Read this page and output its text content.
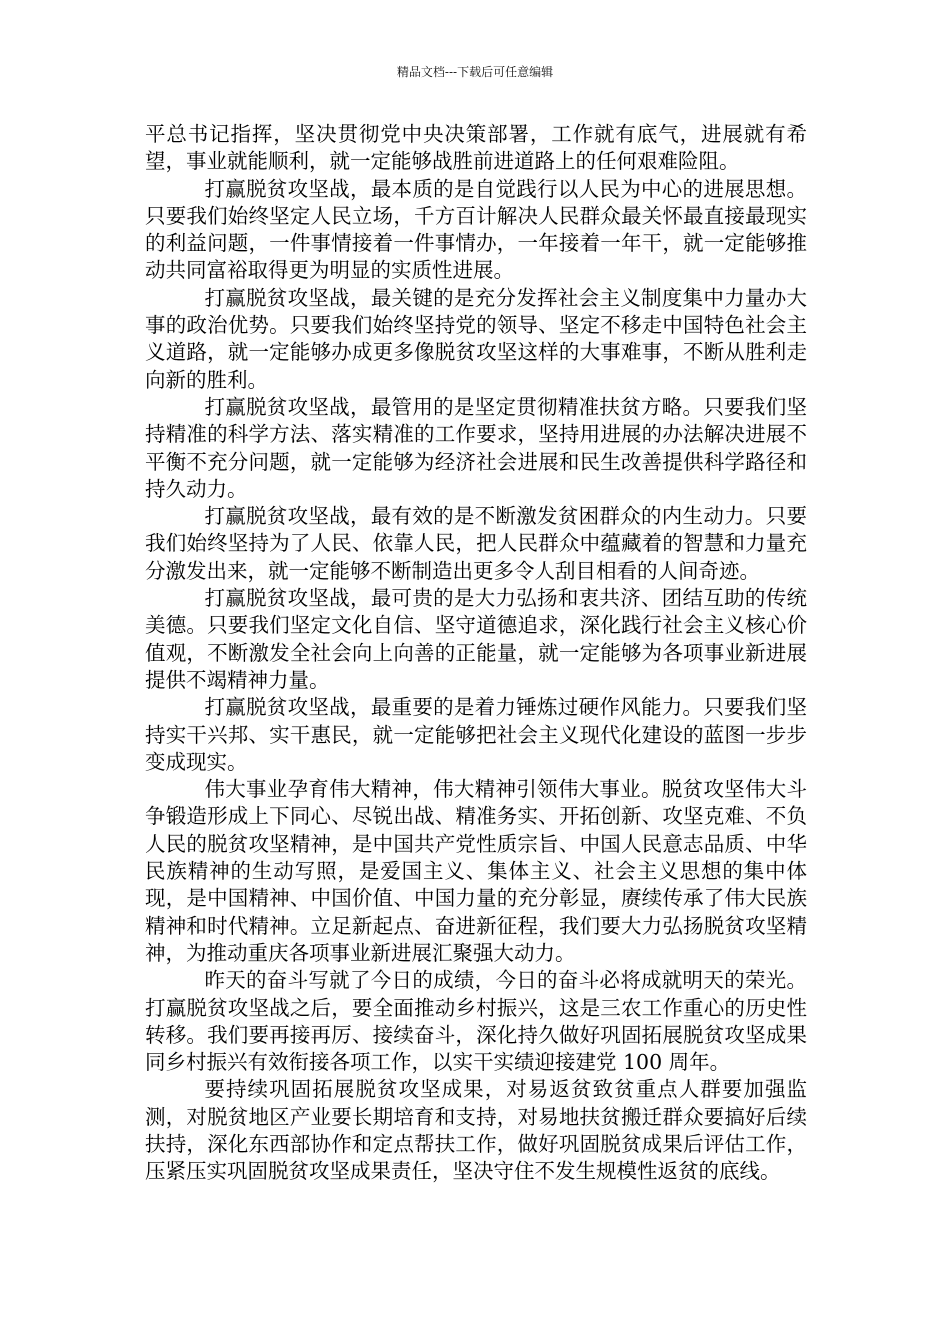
精品文档---下载后可任意编辑

平总书记指挥，坚决贯彻党中央决策部署，工作就有底气，进展就有希望，事业就能顺利，就一定能够战胜前进道路上的任何艰难险阻。

打赢脱贫攻坚战，最本质的是自觉践行以人民为中心的进展思想。只要我们始终坚定人民立场，千方百计解决人民群众最关怀最直接最现实的利益问题，一件事情接着一件事情办，一年接着一年干，就一定能够推动共同富裕取得更为明显的实质性进展。

打赢脱贫攻坚战，最关键的是充分发挥社会主义制度集中力量办大事的政治优势。只要我们始终坚持党的领导、坚定不移走中国特色社会主义道路，就一定能够办成更多像脱贫攻坚这样的大事难事，不断从胜利走向新的胜利。

打赢脱贫攻坚战，最管用的是坚定贯彻精准扶贫方略。只要我们坚持精准的科学方法、落实精准的工作要求，坚持用进展的办法解决进展不平衡不充分问题，就一定能够为经济社会进展和民生改善提供科学路径和持久动力。

打赢脱贫攻坚战，最有效的是不断激发贫困群众的内生动力。只要我们始终坚持为了人民、依靠人民，把人民群众中蕴藏着的智慧和力量充分激发出来，就一定能够不断制造出更多令人刮目相看的人间奇迹。

打赢脱贫攻坚战，最可贵的是大力弘扬和衷共济、团结互助的传统美德。只要我们坚定文化自信、坚守道德追求，深化践行社会主义核心价值观，不断激发全社会向上向善的正能量，就一定能够为各项事业新进展提供不竭精神力量。

打赢脱贫攻坚战，最重要的是着力锤炼过硬作风能力。只要我们坚持实干兴邦、实干惠民，就一定能够把社会主义现代化建设的蓝图一步步变成现实。

伟大事业孕育伟大精神，伟大精神引领伟大事业。脱贫攻坚伟大斗争锻造形成上下同心、尽锐出战、精准务实、开拓创新、攻坚克难、不负人民的脱贫攻坚精神，是中国共产党性质宗旨、中国人民意志品质、中华民族精神的生动写照，是爱国主义、集体主义、社会主义思想的集中体现，是中国精神、中国价值、中国力量的充分彰显，赓续传承了伟大民族精神和时代精神。立足新起点、奋进新征程，我们要大力弘扬脱贫攻坚精神，为推动重庆各项事业新进展汇聚强大动力。

昨天的奋斗写就了今日的成绩，今日的奋斗必将成就明天的荣光。打赢脱贫攻坚战之后，要全面推动乡村振兴，这是三农工作重心的历史性转移。我们要再接再厉、接续奋斗，深化持久做好巩固拓展脱贫攻坚成果同乡村振兴有效衔接各项工作，以实干实绩迎接建党 100 周年。

要持续巩固拓展脱贫攻坚成果，对易返贫致贫重点人群要加强监测，对脱贫地区产业要长期培育和支持，对易地扶贫搬迁群众要搞好后续扶持，深化东西部协作和定点帮扶工作，做好巩固脱贫成果后评估工作，压紧压实巩固脱贫攻坚成果责任，坚决守住不发生规模性返贫的底线。
